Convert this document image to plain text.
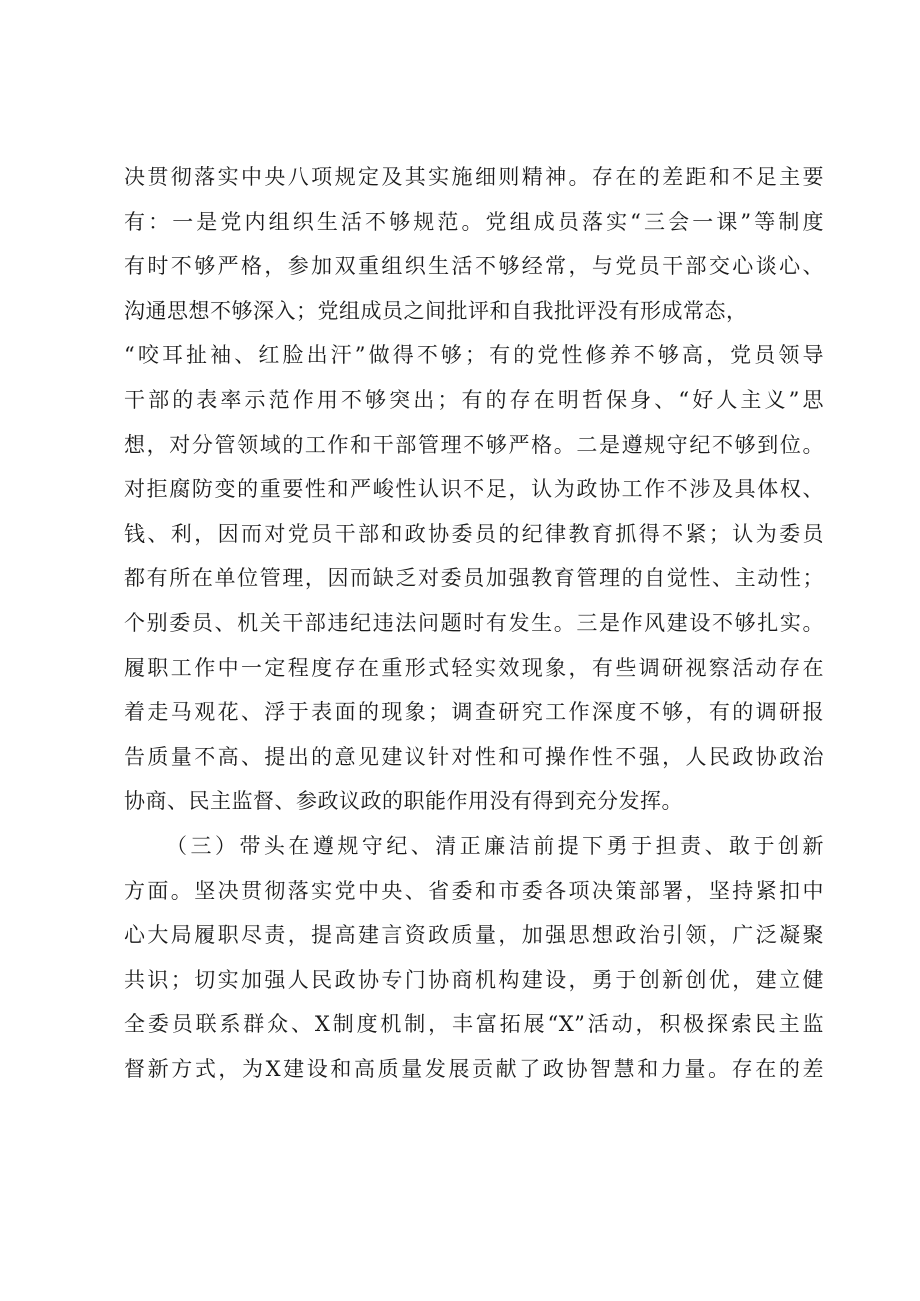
决贯彻落实中央八项规定及其实施细则精神。存在的差距和不足主要
有：一是党内组织生活不够规范。党组成员落实“三会一课”等制度
有时不够严格，参加双重组织生活不够经常，与党员干部交心谈心、
沟通思想不够深入；党组成员之间批评和自我批评没有形成常态，
“咬耳扯袖、红脸出汗”做得不够；有的党性修养不够高，党员领导
干部的表率示范作用不够突出；有的存在明哲保身、“好人主义”思
想，对分管领域的工作和干部管理不够严格。二是遵规守纪不够到位。
对拒腐防变的重要性和严峻性认识不足，认为政协工作不涉及具体权、
钱、利，因而对党员干部和政协委员的纪律教育抓得不紧；认为委员
都有所在单位管理，因而缺乏对委员加强教育管理的自觉性、主动性；
个别委员、机关干部违纪违法问题时有发生。三是作风建设不够扎实。
履职工作中一定程度存在重形式轻实效现象，有些调研视察活动存在
着走马观花、浮于表面的现象；调查研究工作深度不够，有的调研报
告质量不高、提出的意见建议针对性和可操作性不强，人民政协政治
协商、民主监督、参政议政的职能作用没有得到充分发挥。
（三）带头在遵规守纪、清正廉洁前提下勇于担责、敢于创新
方面。坚决贯彻落实党中央、省委和市委各项决策部署，坚持紧扣中
心大局履职尽责，提高建言资政质量，加强思想政治引领，广泛凝聚
共识；切实加强人民政协专门协商机构建设，勇于创新创优，建立健
全委员联系群众、X制度机制，丰富拓展“X”活动，积极探索民主监
督新方式，为X建设和高质量发展贡献了政协智慧和力量。存在的差
